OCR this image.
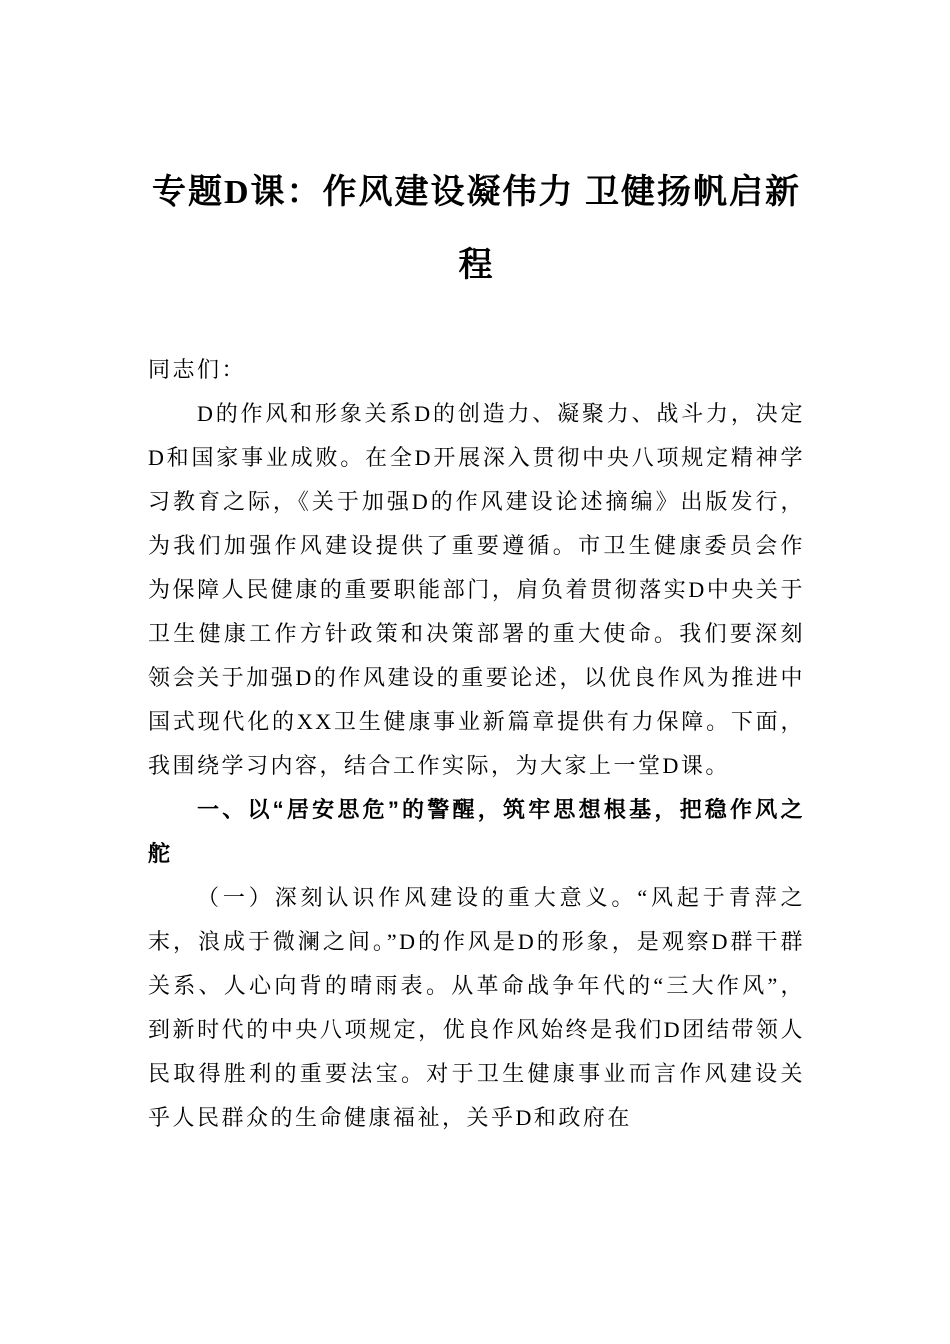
专题D课：作风建设凝伟力 卫健扬帆启新程

同志们：

D的作风和形象关系D的创造力、凝聚力、战斗力，决定D和国家事业成败。在全D开展深入贯彻中央八项规定精神学习教育之际，《关于加强D的作风建设论述摘编》出版发行，为我们加强作风建设提供了重要遵循。市卫生健康委员会作为保障人民健康的重要职能部门，肩负着贯彻落实D中央关于卫生健康工作方针政策和决策部署的重大使命。我们要深刻领会关于加强D的作风建设的重要论述，以优良作风为推进中国式现代化的XX卫生健康事业新篇章提供有力保障。下面，我围绕学习内容，结合工作实际，为大家上一堂D课。

一、以“居安思危”的警醒，筑牢思想根基，把稳作风之舵

（一）深刻认识作风建设的重大意义。“风起于青萍之末，浪成于微澜之间。”D的作风是D的形象，是观察D群干群关系、人心向背的晴雨表。从革命战争年代的“三大作风”，到新时代的中央八项规定，优良作风始终是我们D团结带领人民取得胜利的重要法宝。对于卫生健康事业而言作风建设关乎人民群众的生命健康福祉，关乎D和政府在
